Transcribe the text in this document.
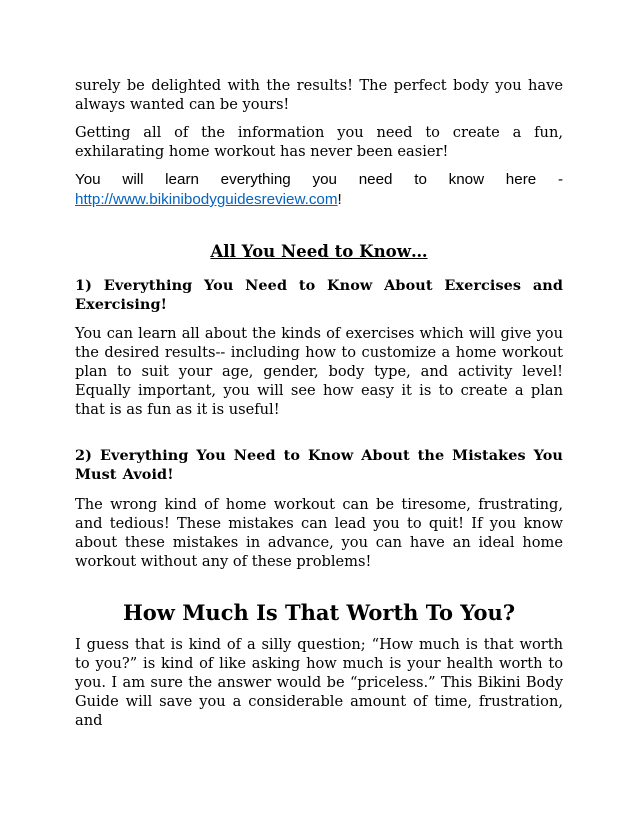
surely be delighted with the results! The perfect body you have always wanted can be yours!

Getting all of the information you need to create a fun, exhilarating home workout has never been easier!

You will learn everything you need to know here -
http://www.bikinibodyguidesreview.com!
All You Need to Know…
1) Everything You Need to Know About Exercises and Exercising!

You can learn all about the kinds of exercises which will give you the desired results-- including how to customize a home workout plan to suit your age, gender, body type, and activity level! Equally important, you will see how easy it is to create a plan that is as fun as it is useful!

2) Everything You Need to Know About the Mistakes You Must Avoid!

The wrong kind of home workout can be tiresome, frustrating, and tedious! These mistakes can lead you to quit! If you know about these mistakes in advance, you can have an ideal home workout without any of these problems!

How Much Is That Worth To You?

I guess that is kind of a silly question; “How much is that worth to you?” is kind of like asking how much is your health worth to you. I am sure the answer would be “priceless.” This Bikini Body Guide will save you a considerable amount of time, frustration, and
